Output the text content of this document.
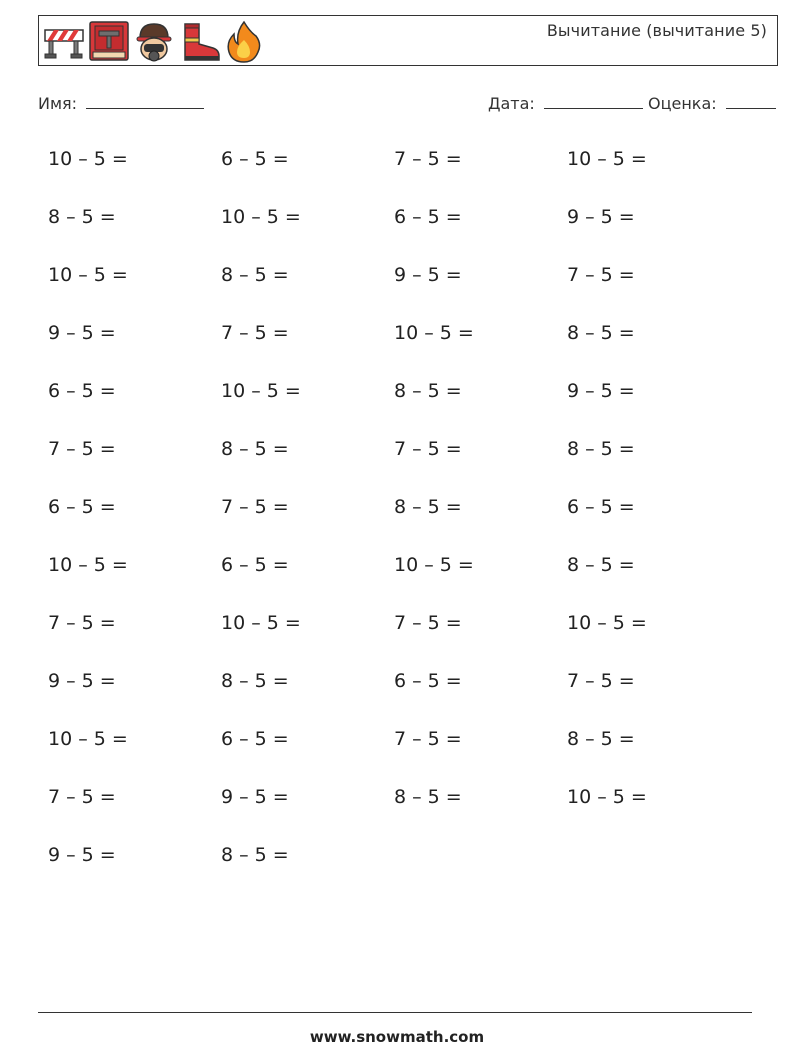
Вычитание (вычитание 5)
Имя:	Дата:	Оценка:
10 – 5 =	6 – 5 =	7 – 5 =	10 – 5 =
8 – 5 =	10 – 5 =	6 – 5 =	9 – 5 =
10 – 5 =	8 – 5 =	9 – 5 =	7 – 5 =
9 – 5 =	7 – 5 =	10 – 5 =	8 – 5 =
6 – 5 =	10 – 5 =	8 – 5 =	9 – 5 =
7 – 5 =	8 – 5 =	7 – 5 =	8 – 5 =
6 – 5 =	7 – 5 =	8 – 5 =	6 – 5 =
10 – 5 =	6 – 5 =	10 – 5 =	8 – 5 =
7 – 5 =	10 – 5 =	7 – 5 =	10 – 5 =
9 – 5 =	8 – 5 =	6 – 5 =	7 – 5 =
10 – 5 =	6 – 5 =	7 – 5 =	8 – 5 =
7 – 5 =	9 – 5 =	8 – 5 =	10 – 5 =
9 – 5 =	8 – 5 =
www.snowmath.com
